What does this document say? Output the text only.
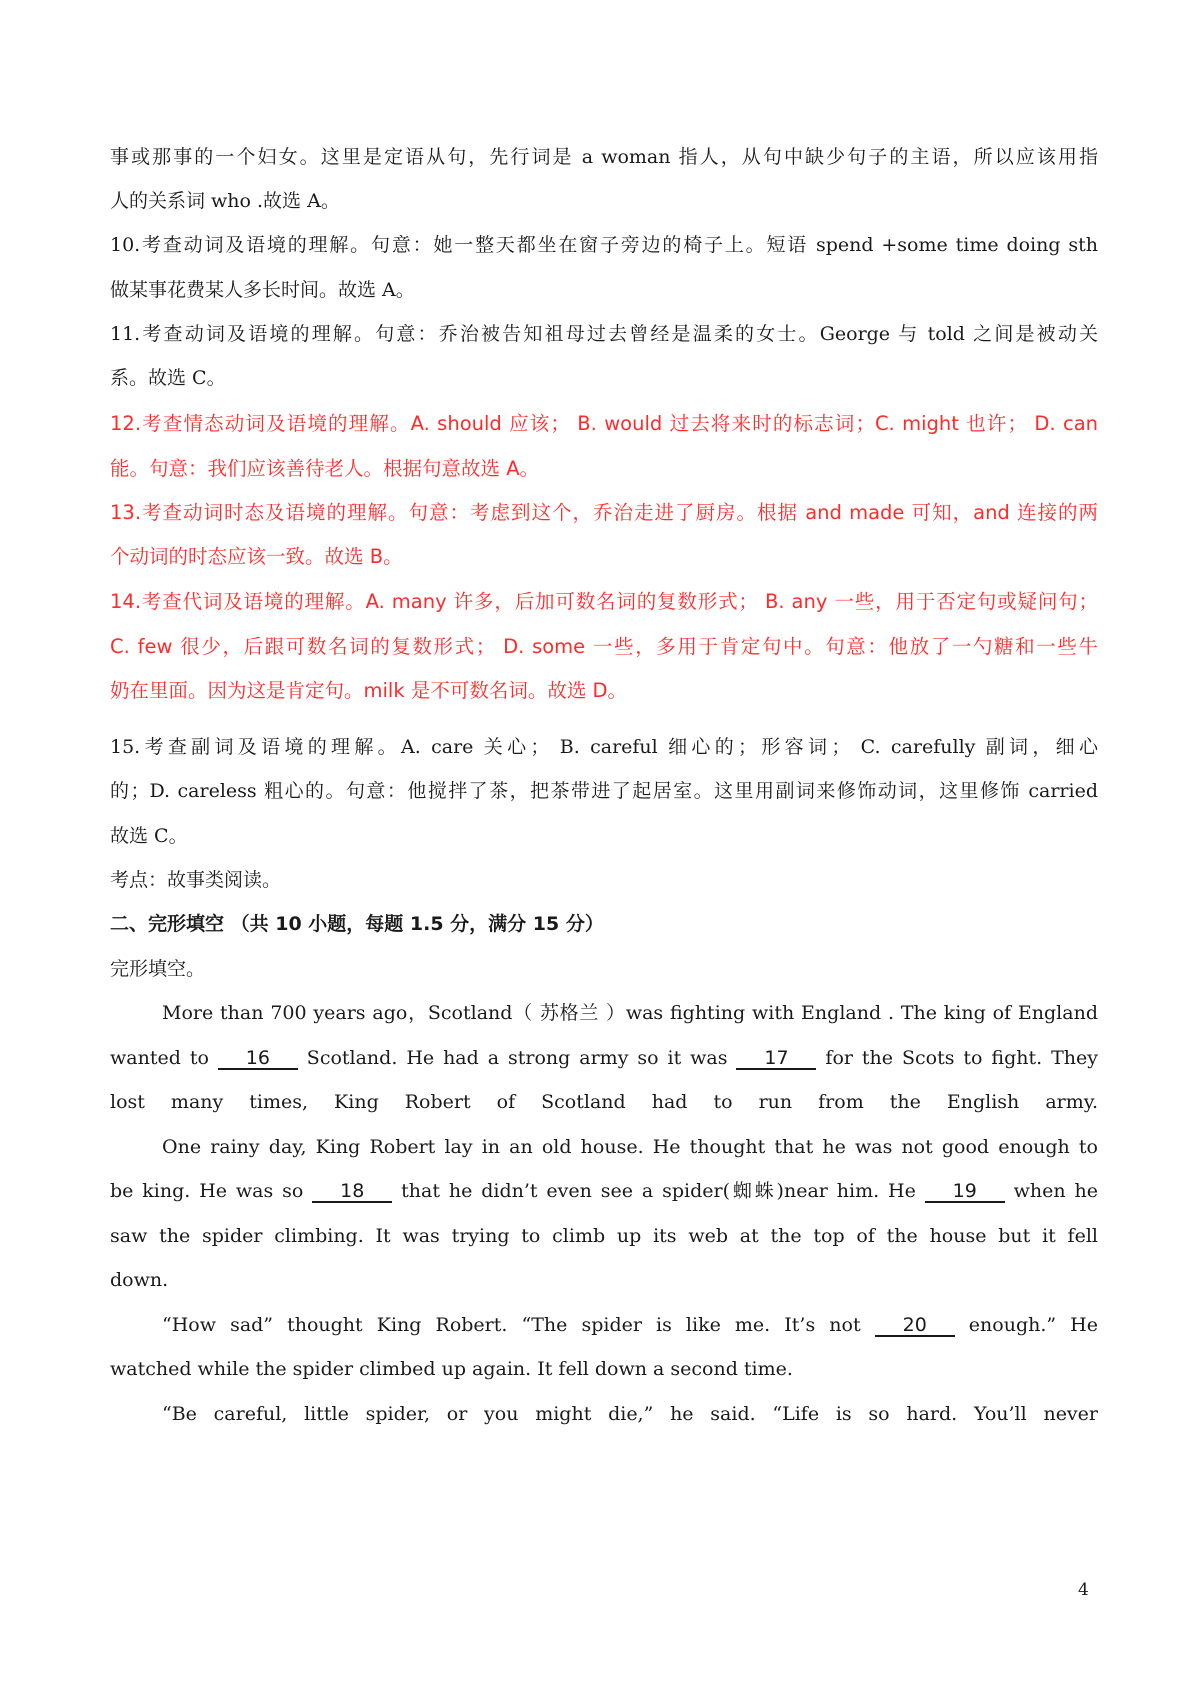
事或那事的一个妇女。这里是定语从句，先行词是 a woman 指人，从句中缺少句子的主语，所以应该用指
人的关系词 who .故选 A。
10.考查动词及语境的理解。句意：她一整天都坐在窗子旁边的椅子上。短语 spend +some time doing sth
做某事花费某人多长时间。故选 A。
11.考查动词及语境的理解。句意：乔治被告知祖母过去曾经是温柔的女士。George 与 told 之间是被动关
系。故选 C。
12.考查情态动词及语境的理解。A. should 应该； B. would 过去将来时的标志词；C. might 也许； D. can
能。句意：我们应该善待老人。根据句意故选 A。
13.考查动词时态及语境的理解。句意：考虑到这个，乔治走进了厨房。根据 and made 可知，and 连接的两
个动词的时态应该一致。故选 B。
14.考查代词及语境的理解。A. many 许多，后加可数名词的复数形式； B. any 一些，用于否定句或疑问句；
C. few 很少，后跟可数名词的复数形式； D. some 一些，多用于肯定句中。句意：他放了一勺糖和一些牛
奶在里面。因为这是肯定句。milk 是不可数名词。故选 D。
15.考查副词及语境的理解。A. care 关心； B. careful 细心的；形容词； C. carefully 副词，细心
的；D. careless 粗心的。句意：他搅拌了茶，把茶带进了起居室。这里用副词来修饰动词，这里修饰 carried
故选 C。
考点：故事类阅读。
二、完形填空 （共 10 小题，每题 1.5 分，满分 15 分）
完形填空。
More than 700 years ago，Scotland（ 苏格兰 ）was fighting with England . The king of England
wanted to 16 Scotland. He had a strong army so it was 17 for the Scots to fight. They
lost many times, King Robert of Scotland had to run from the English army.
One rainy day, King Robert lay in an old house. He thought that he was not good enough to
be king. He was so 18 that he didn’t even see a spider(蜘蛛)near him. He 19 when he
saw the spider climbing. It was trying to climb up its web at the top of the house but it fell
down.
“How sad” thought King Robert. “The spider is like me. It’s not 20 enough.” He
watched while the spider climbed up again. It fell down a second time.
“Be careful, little spider, or you might die,” he said. “Life is so hard. You’ll never
4
